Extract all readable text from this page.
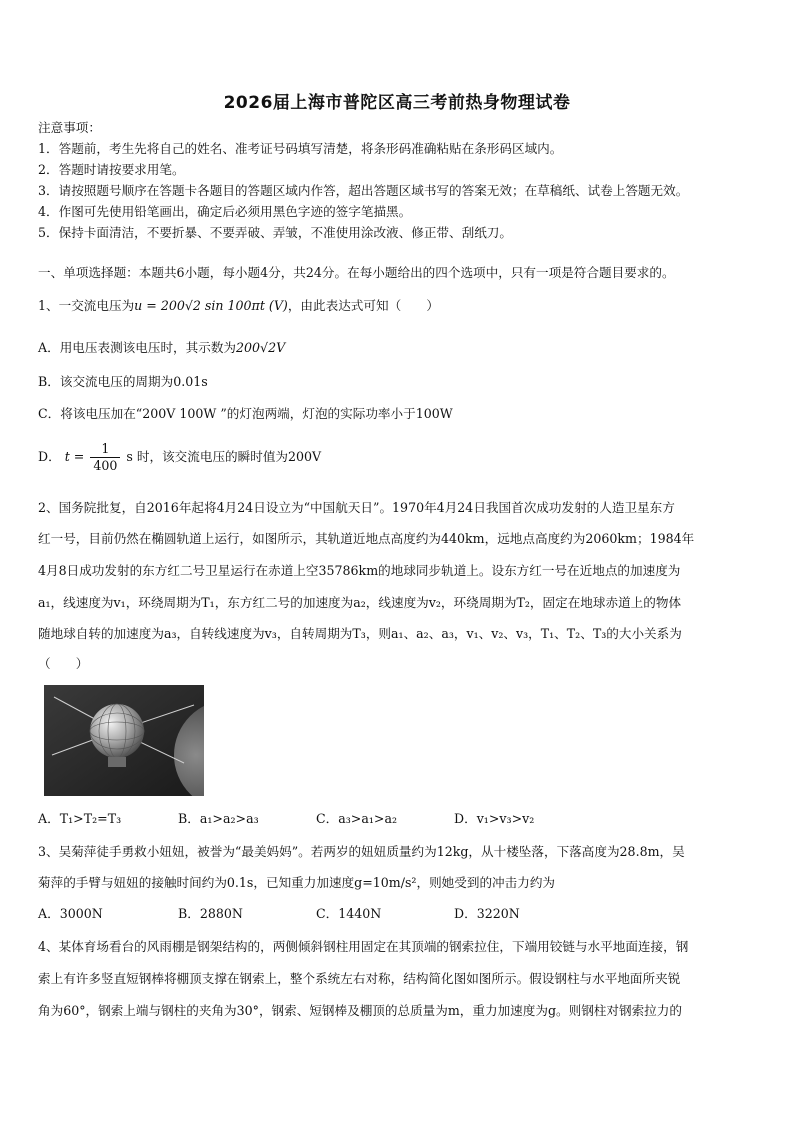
2026届上海市普陀区高三考前热身物理试卷
注意事项：
1．答题前，考生先将自己的姓名、准考证号码填写清楚，将条形码准确粘贴在条形码区域内。
2．答题时请按要求用笔。
3．请按照题号顺序在答题卡各题目的答题区域内作答，超出答题区域书写的答案无效；在草稿纸、试卷上答题无效。
4．作图可先使用铅笔画出，确定后必须用黑色字迹的签字笔描黑。
5．保持卡面清洁，不要折暴、不要弄破、弄皱，不准使用涂改液、修正带、刮纸刀。
一、单项选择题：本题共6小题，每小题4分，共24分。在每小题给出的四个选项中，只有一项是符合题目要求的。
1、一交流电压为u = 200√2 sin 100πt (V)，由此表达式可知（　　）
A．用电压表测该电压时，其示数为200√2V
B．该交流电压的周期为0.01s
C．将该电压加在“200V 100W ”的灯泡两端，灯泡的实际功率小于100W
D． $t = \frac{1}{400}$ s 时，该交流电压的瞬时值为200V
2、国务院批复，自2016年起将4月24日设立为“中国航天日”。1970年4月24日我国首次成功发射的人造卫星东方
红一号，目前仍然在椭圆轨道上运行，如图所示，其轨道近地点高度约为440km，远地点高度约为2060km；1984年
4月8日成功发射的东方红二号卫星运行在赤道上空35786km的地球同步轨道上。设东方红一号在近地点的加速度为
a₁，线速度为v₁，环绕周期为T₁，东方红二号的加速度为a₂，线速度为v₂，环绕周期为T₂，固定在地球赤道上的物体
随地球自转的加速度为a₃，自转线速度为v₃，自转周期为T₃，则a₁、a₂、a₃，v₁、v₂、v₃，T₁、T₂、T₃的大小关系为
（　　）
A．T₁>T₂=T₃	B．a₁>a₂>a₃	C．a₃>a₁>a₂	D．v₁>v₃>v₂
3、吴菊萍徒手勇救小妞妞，被誉为“最美妈妈”。若两岁的妞妞质量约为12kg，从十楼坠落，下落高度为28.8m，吴
菊萍的手臂与妞妞的接触时间约为0.1s，已知重力加速度g=10m/s²，则她受到的冲击力约为
A．3000N	B．2880N	C．1440N	D．3220N
4、某体育场看台的风雨棚是钢架结构的，两侧倾斜钢柱用固定在其顶端的钢索拉住，下端用铰链与水平地面连接，钢
索上有许多竖直短钢棒将棚顶支撑在钢索上，整个系统左右对称，结构简化图如图所示。假设钢柱与水平地面所夹锐
角为60°，钢索上端与钢柱的夹角为30°，钢索、短钢棒及棚顶的总质量为m，重力加速度为g。则钢柱对钢索拉力的
